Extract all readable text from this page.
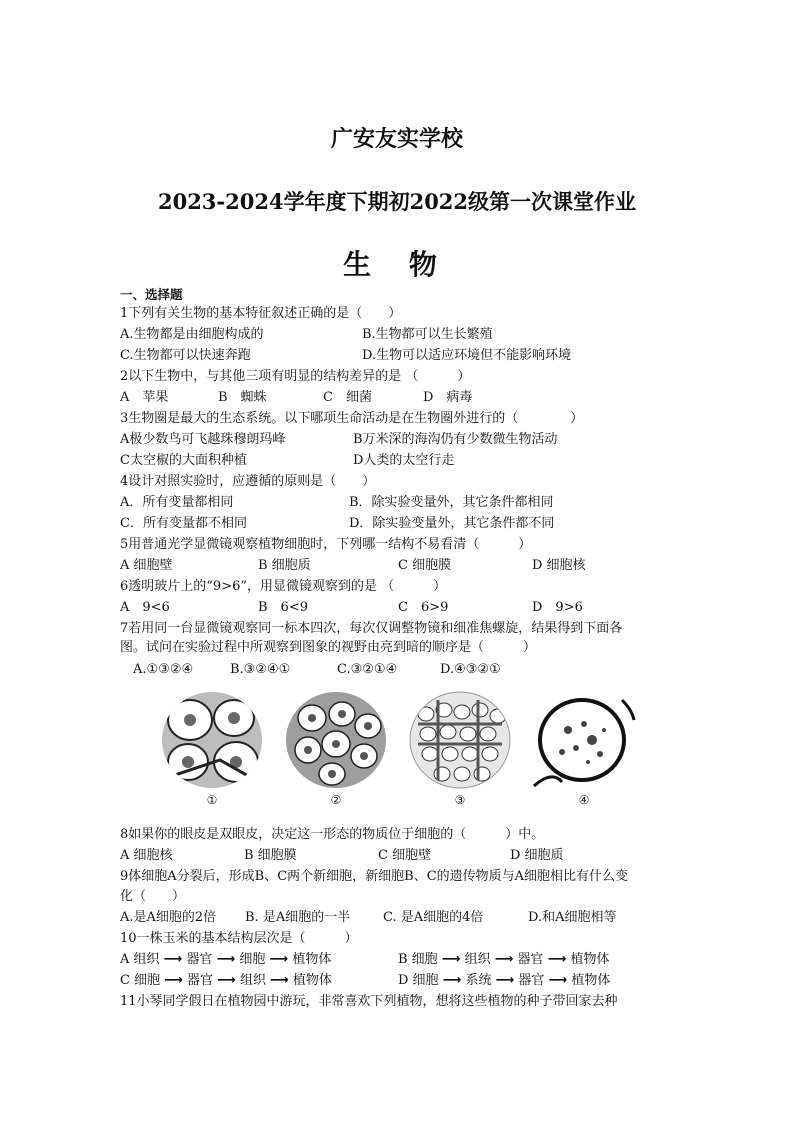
广安友实学校
2023-2024学年度下期初2022级第一次课堂作业
生 物
一、选择题
1下列有关生物的基本特征叙述正确的是（　　）
A.生物都是由细胞构成的	B.生物都可以生长繁殖
C.生物都可以快速奔跑	D.生物可以适应环境但不能影响环境
2以下生物中，与其他三项有明显的结构差异的是 （　　　）
A　苹果	B　蜘蛛	C　细菌	D　病毒
3生物圈是最大的生态系统。以下哪项生命活动是在生物圈外进行的（　　　　）
A极少数鸟可飞越珠穆朗玛峰	B万米深的海沟仍有少数微生物活动
C太空椒的大面积种植	D人类的太空行走
4设计对照实验时，应遵循的原则是（　　）
A．所有变量都相同	B．除实验变量外，其它条件都相同
C．所有变量都不相同	D．除实验变量外，其它条件都不同
5用普通光学显微镜观察植物细胞时，下列哪一结构不易看清（　　　）
A 细胞壁	B 细胞质	C 细胞膜	D 细胞核
6透明玻片上的“9>6”，用显微镜观察到的是 （　　　）
A　9<6	B　6<9	C　6>9	D　9>6
7若用同一台显微镜观察同一标本四次，每次仅调整物镜和细准焦螺旋，结果得到下面各
图。试问在实验过程中所观察到图象的视野由亮到暗的顺序是（　　　）
A.①③②④	B.③②④①	C.③②①④	D.④③②①
①	②	③	④
8如果你的眼皮是双眼皮，决定这一形态的物质位于细胞的（　　　）中。
A 细胞核	B 细胞膜	C 细胞壁	D 细胞质
9体细胞A分裂后，形成B、C两个新细胞，新细胞B、C的遗传物质与A细胞相比有什么变
化（　　）
A.是A细胞的2倍 B. 是A细胞的一半	C. 是A细胞的4倍	D.和A细胞相等
10一株玉米的基本结构层次是（　　　）
A 组织 ⟶ 器官 ⟶ 细胞 ⟶ 植物体	B 细胞 ⟶ 组织 ⟶ 器官 ⟶ 植物体
C 细胞 ⟶ 器官 ⟶ 组织 ⟶ 植物体	D 细胞 ⟶ 系统 ⟶ 器官 ⟶ 植物体
11小琴同学假日在植物园中游玩，非常喜欢下列植物，想将这些植物的种子带回家去种
